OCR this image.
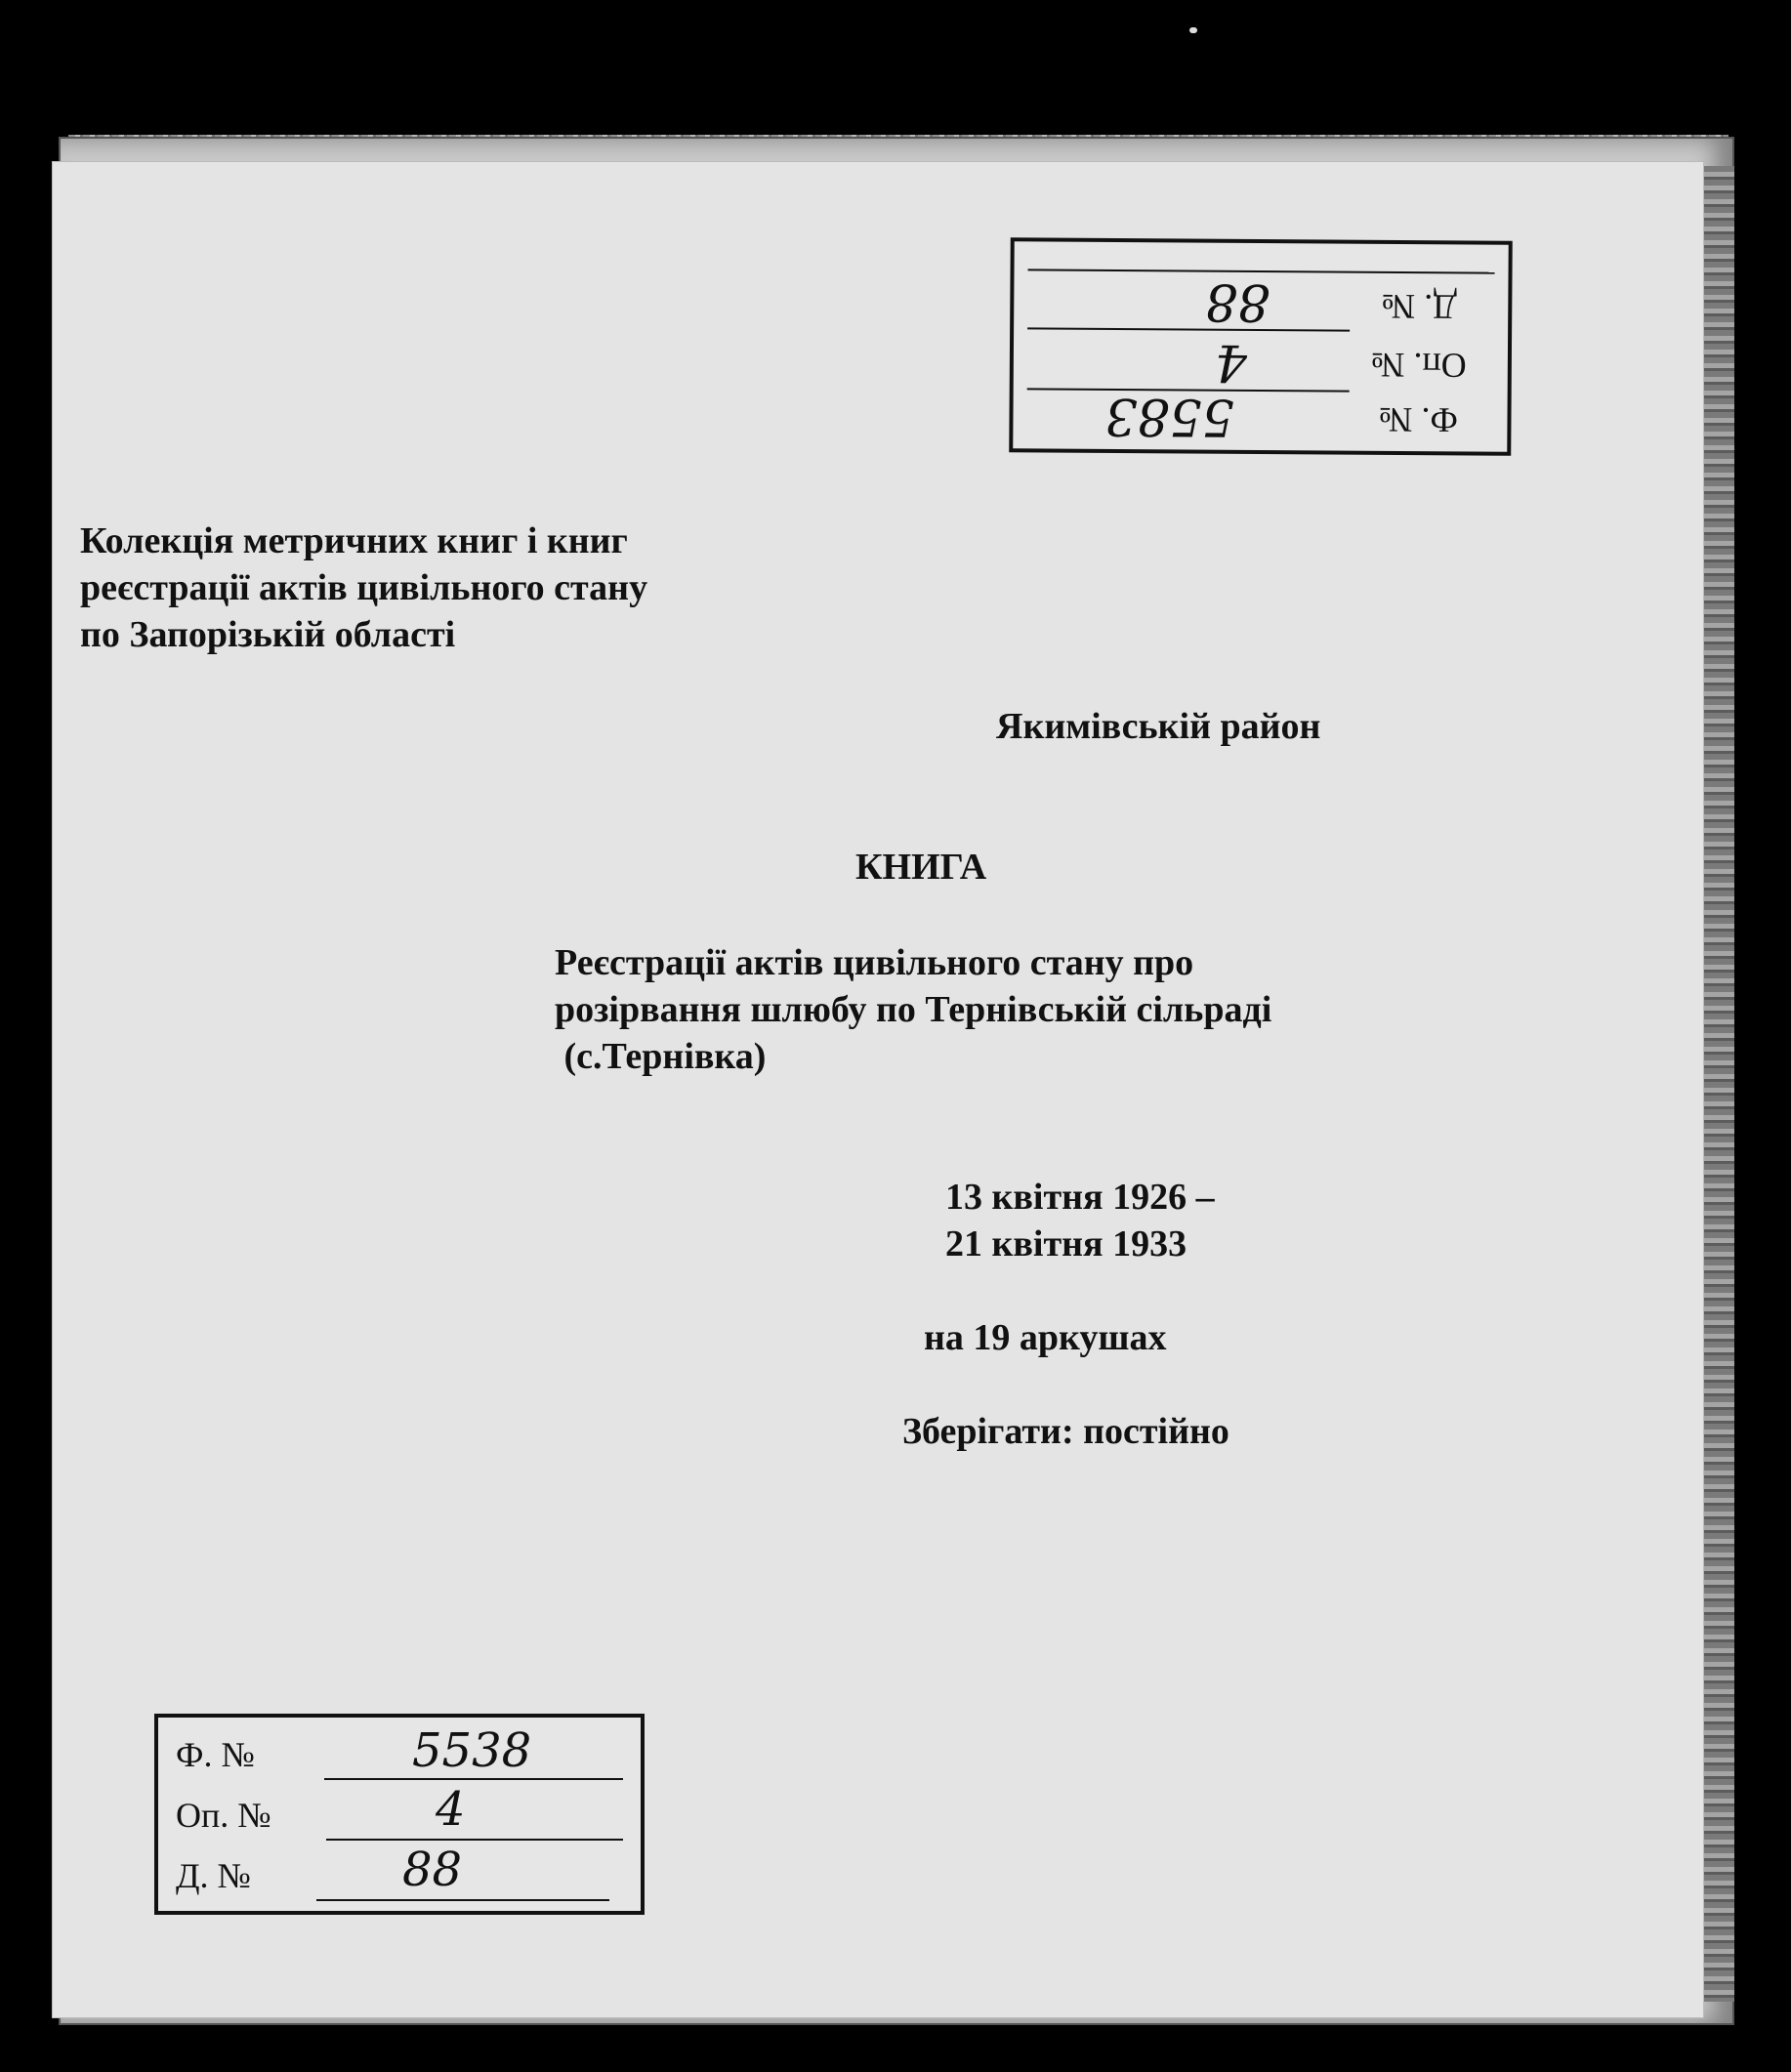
Д. №
88
Оп. №
4
Ф. №
5583
Колекція метричних книг і книг
реєстрації актів цивільного стану
по Запорізькій області
Якимівській район
КНИГА
Реєстрації актів цивільного стану про
розірвання шлюбу по Тернівській сільраді
(с.Тернівка)
13 квітня 1926 –
21 квітня 1933
на 19 аркушах
Зберігати: постійно
Ф. №	5538
Оп. №	4
Д. №	88
